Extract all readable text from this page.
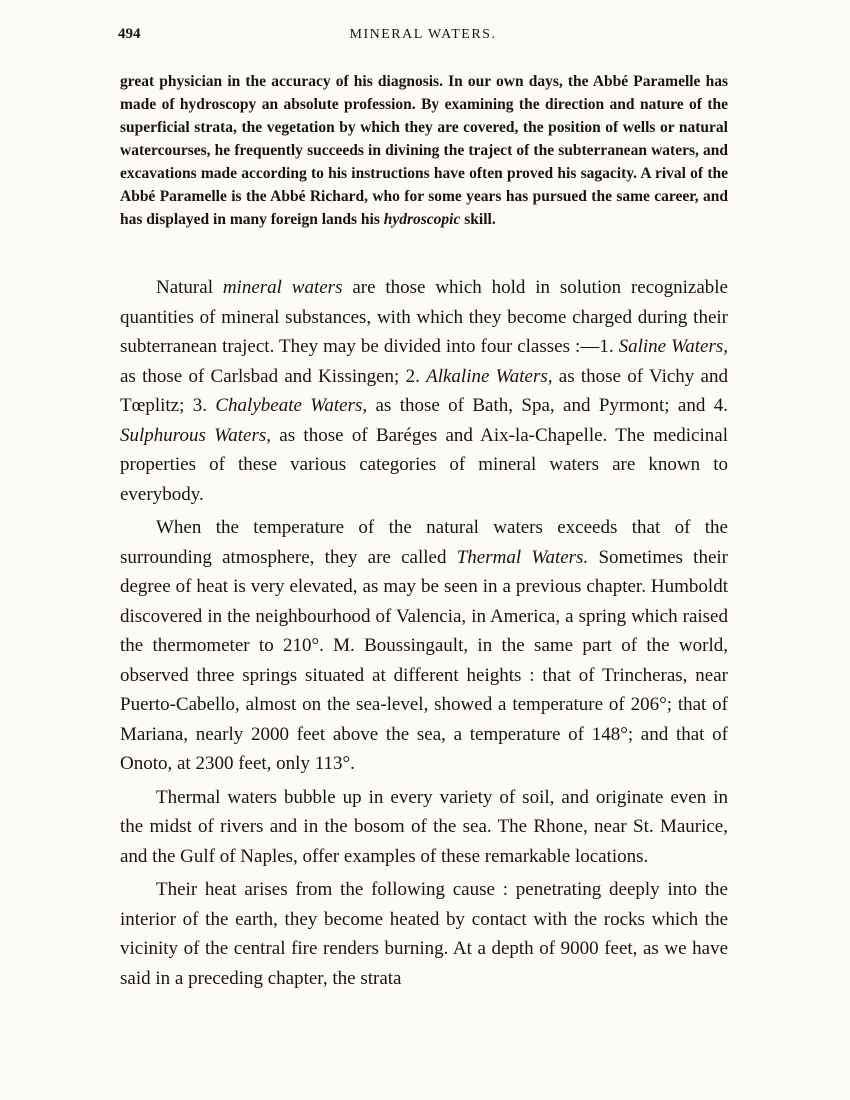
494	MINERAL WATERS.

great physician in the accuracy of his diagnosis. In our own days, the Abbé Paramelle has made of hydroscopy an absolute profession. By examining the direction and nature of the superficial strata, the vegetation by which they are covered, the position of wells or natural watercourses, he frequently succeeds in divining the traject of the subterranean waters, and excavations made according to his instructions have often proved his sagacity. A rival of the Abbé Paramelle is the Abbé Richard, who for some years has pursued the same career, and has displayed in many foreign lands his hydroscopic skill.

Natural mineral waters are those which hold in solution recognizable quantities of mineral substances, with which they become charged during their subterranean traject. They may be divided into four classes :—1. Saline Waters, as those of Carlsbad and Kissingen; 2. Alkaline Waters, as those of Vichy and Tœplitz; 3. Chalybeate Waters, as those of Bath, Spa, and Pyrmont; and 4. Sulphurous Waters, as those of Baréges and Aix-la-Chapelle. The medicinal properties of these various categories of mineral waters are known to everybody.

When the temperature of the natural waters exceeds that of the surrounding atmosphere, they are called Thermal Waters. Sometimes their degree of heat is very elevated, as may be seen in a previous chapter. Humboldt discovered in the neighbourhood of Valencia, in America, a spring which raised the thermometer to 210°. M. Boussingault, in the same part of the world, observed three springs situated at different heights : that of Trincheras, near Puerto-Cabello, almost on the sea-level, showed a temperature of 206°; that of Mariana, nearly 2000 feet above the sea, a temperature of 148°; and that of Onoto, at 2300 feet, only 113°.

Thermal waters bubble up in every variety of soil, and originate even in the midst of rivers and in the bosom of the sea. The Rhone, near St. Maurice, and the Gulf of Naples, offer examples of these remarkable locations.

Their heat arises from the following cause : penetrating deeply into the interior of the earth, they become heated by contact with the rocks which the vicinity of the central fire renders burning. At a depth of 9000 feet, as we have said in a preceding chapter, the strata
